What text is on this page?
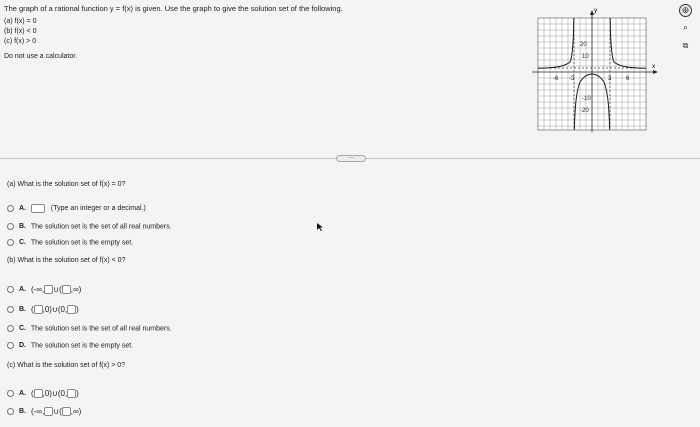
The graph of a rational function y = f(x) is given. Use the graph to give the solution set of the following.
(a) f(x) = 0
(b) f(x) < 0
(c) f(x) > 0
Do not use a calculator.
y
x
20
10
-10
-20
-6 -3	3 6
⊕
⌕
⧉
·····
(a) What is the solution set of f(x) = 0?
A.	(Type an integer or a decimal.)
B. The solution set is the set of all real numbers.
C. The solution set is the empty set.
(b) What is the solution set of f(x) < 0?
A. (-∞, ∪( ,∞)
B. ( ,0)∪(0, )
C. The solution set is the set of all real numbers.
D. The solution set is the empty set.
(c) What is the solution set of f(x) > 0?
A. ( ,0)∪(0, )
B. (-∞, ∪( ,∞)
